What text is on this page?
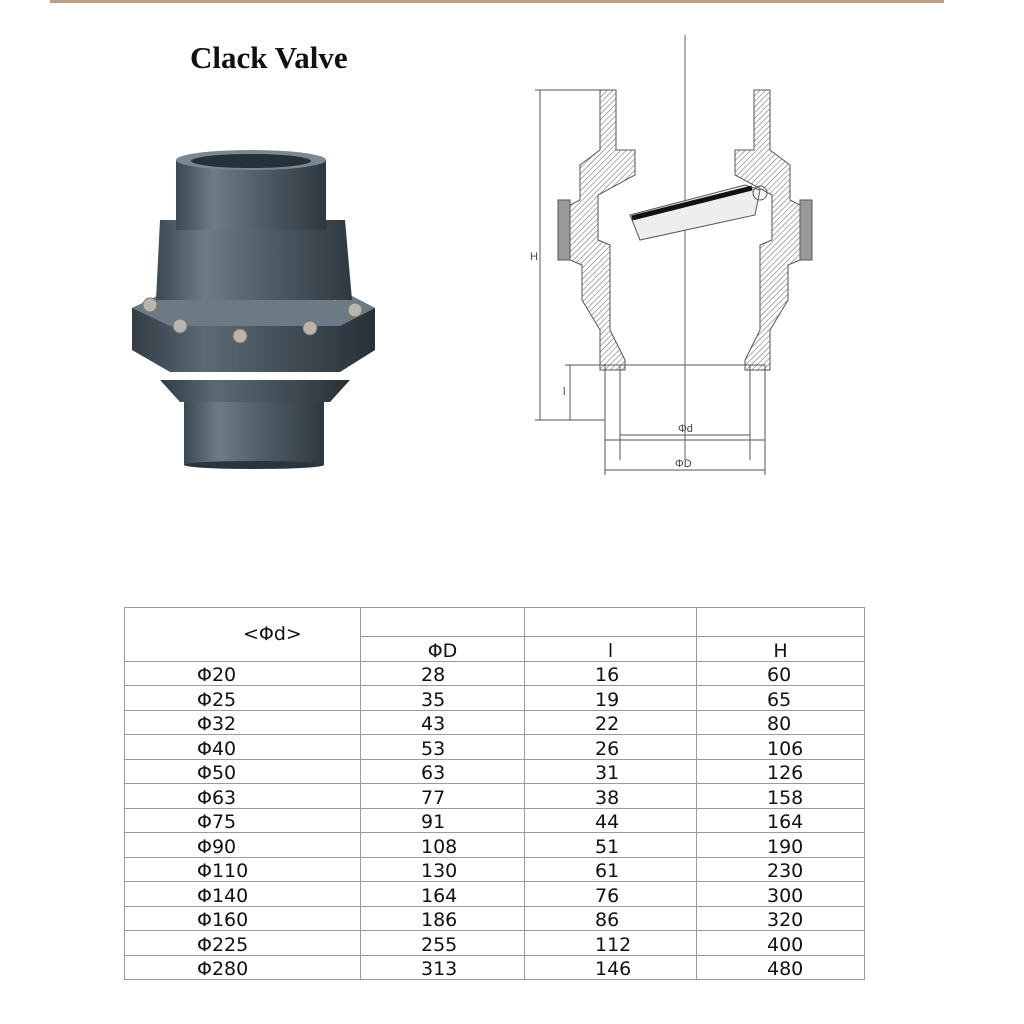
Clack Valve
H
l
Φd
ΦD
<Φd>			
	ΦD	l	H
Φ20	28	16	60
Φ25	35	19	65
Φ32	43	22	80
Φ40	53	26	106
Φ50	63	31	126
Φ63	77	38	158
Φ75	91	44	164
Φ90	108	51	190
Φ110	130	61	230
Φ140	164	76	300
Φ160	186	86	320
Φ225	255	112	400
Φ280	313	146	480
